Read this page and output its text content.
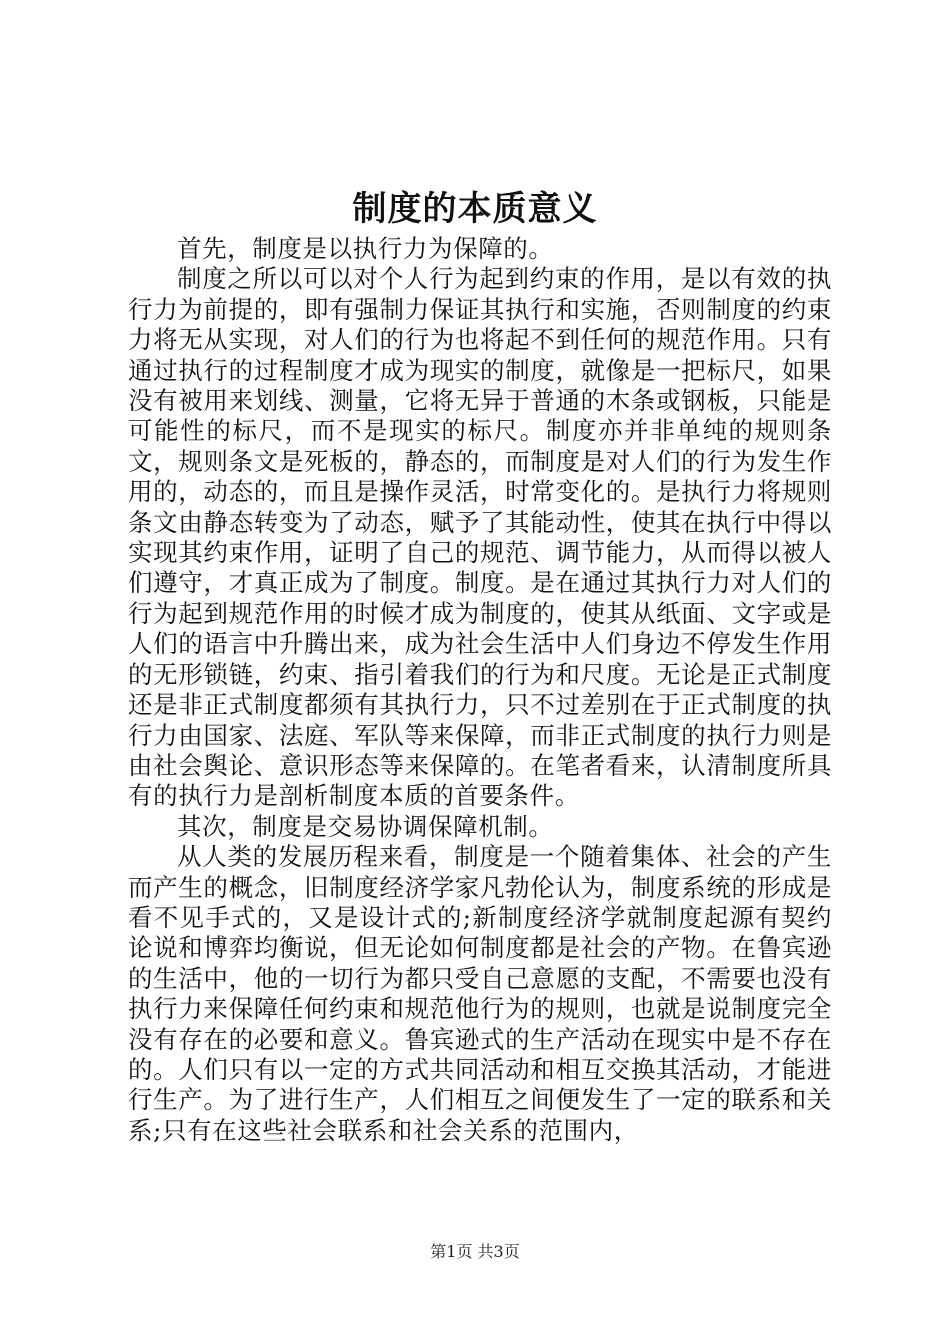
制度的本质意义

首先，制度是以执行力为保障的。

制度之所以可以对个人行为起到约束的作用，是以有效的执行力为前提的，即有强制力保证其执行和实施，否则制度的约束力将无从实现，对人们的行为也将起不到任何的规范作用。只有通过执行的过程制度才成为现实的制度，就像是一把标尺，如果没有被用来划线、测量，它将无异于普通的木条或钢板，只能是可能性的标尺，而不是现实的标尺。制度亦并非单纯的规则条文，规则条文是死板的，静态的，而制度是对人们的行为发生作用的，动态的，而且是操作灵活，时常变化的。是执行力将规则条文由静态转变为了动态，赋予了其能动性，使其在执行中得以实现其约束作用，证明了自己的规范、调节能力，从而得以被人们遵守，才真正成为了制度。制度。是在通过其执行力对人们的行为起到规范作用的时候才成为制度的，使其从纸面、文字或是人们的语言中升腾出来，成为社会生活中人们身边不停发生作用的无形锁链，约束、指引着我们的行为和尺度。无论是正式制度还是非正式制度都须有其执行力，只不过差别在于正式制度的执行力由国家、法庭、军队等来保障，而非正式制度的执行力则是由社会舆论、意识形态等来保障的。在笔者看来，认清制度所具有的执行力是剖析制度本质的首要条件。

其次，制度是交易协调保障机制。

从人类的发展历程来看，制度是一个随着集体、社会的产生而产生的概念，旧制度经济学家凡勃伦认为，制度系统的形成是看不见手式的，又是设计式的;新制度经济学就制度起源有契约论说和博弈均衡说，但无论如何制度都是社会的产物。在鲁宾逊的生活中，他的一切行为都只受自己意愿的支配，不需要也没有执行力来保障任何约束和规范他行为的规则，也就是说制度完全没有存在的必要和意义。鲁宾逊式的生产活动在现实中是不存在的。人们只有以一定的方式共同活动和相互交换其活动，才能进行生产。为了进行生产，人们相互之间便发生了一定的联系和关系;只有在这些社会联系和社会关系的范围内，

第1页 共3页
